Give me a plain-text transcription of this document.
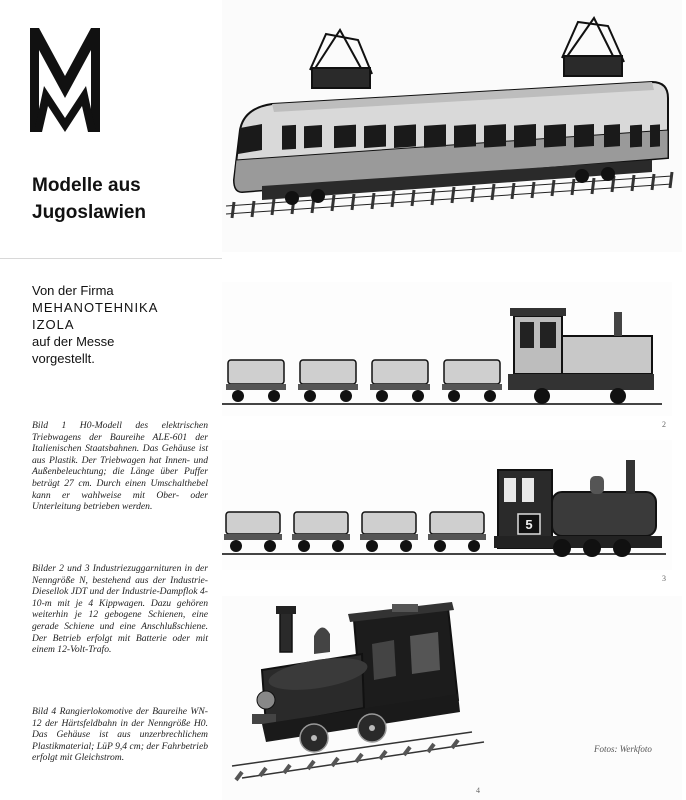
Modelle aus
Jugoslawien
Von der Firma
MEHANOTEHNIKA
IZOLA
auf der Messe
vorgestellt.
Bild 1 H0-Modell des elektrischen Triebwagens der Baureihe ALE-601 der Italienischen Staatsbahnen. Das Gehäuse ist aus Plastik. Der Triebwagen hat Innen- und Außenbeleuchtung; die Länge über Puffer beträgt 27 cm. Durch einen Umschalthebel kann er wahlweise mit Ober- oder Unterleitung betrieben werden.
Bilder 2 und 3 Industriezuggarnituren in der Nenngröße N, bestehend aus der Industrie-Diesellok JDT und der Industrie-Dampflok 4-10-m mit je 4 Kippwagen. Dazu gehören weiterhin je 12 gebogene Schienen, eine gerade Schiene und eine Anschlußschiene. Der Betrieb erfolgt mit Batterie oder mit einem 12-Volt-Trafo.
Bild 4 Rangierlokomotive der Baureihe WN-12 der Härtsfeldbahn in der Nenngröße H0. Das Gehäuse ist aus unzerbrechlichem Plastikmaterial; LüP 9,4 cm; der Fahrbetrieb erfolgt mit Gleichstrom.
2
5
3
Fotos: Werkfoto
4
